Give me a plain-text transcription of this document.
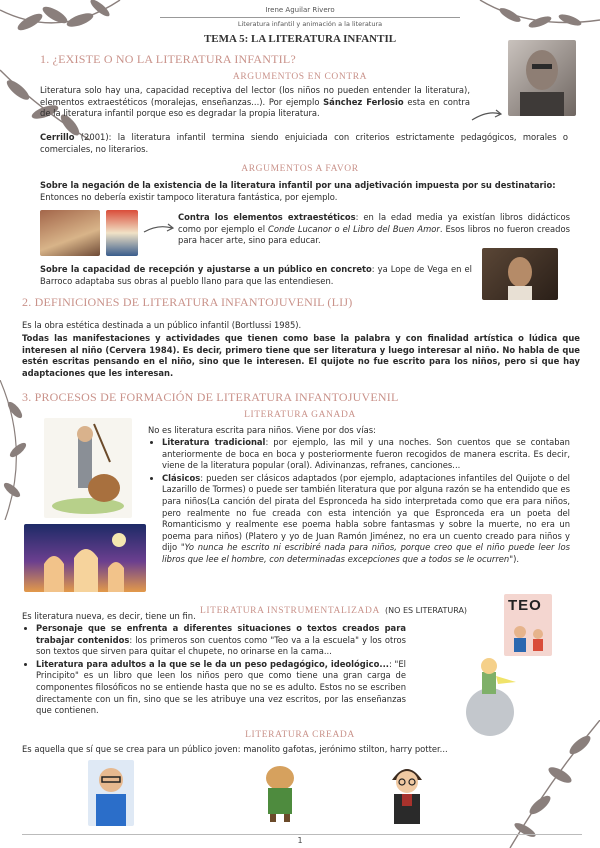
Irene Aguilar Rivero
Literatura infantil y animación a la literatura
TEMA 5: LA LITERATURA INFANTIL
1. ¿EXISTE O NO LA LITERATURA INFANTIL?
ARGUMENTOS EN CONTRA
Literatura solo hay una, capacidad receptiva del lector (los niños no pueden entender la literatura), elementos extraestéticos (moralejas, enseñanzas...). Por ejemplo Sánchez Ferlosio esta en contra de la literatura infantil porque eso es degradar la propia literatura.
Cerrillo (2001): la literatura infantil termina siendo enjuiciada con criterios estrictamente pedagógicos, morales o comerciales, no literarios.
ARGUMENTOS A FAVOR
Sobre la negación de la existencia de la literatura infantil por una adjetivación impuesta por su destinatario:
Entonces no debería existir tampoco literatura fantástica, por ejemplo.
Contra los elementos extraestéticos: en la edad media ya existían libros didácticos como por ejemplo el Conde Lucanor o el Libro del Buen Amor. Esos libros no fueron creados para hacer arte, sino para educar.
Sobre la capacidad de recepción y ajustarse a un público en concreto: ya Lope de Vega en el Barroco adaptaba sus obras al pueblo llano para que las entendiesen.
2. DEFINICIONES DE LITERATURA INFANTOJUVENIL (LIJ)
Es la obra estética destinada a un público infantil (Bortlussi 1985).
Todas las manifestaciones y actividades que tienen como base la palabra y con finalidad artística o lúdica que interesen al niño (Cervera 1984). Es decir, primero tiene que ser literatura y luego interesar al niño. No habla de que estén escritas pensando en el niño, sino que le interesen. El quijote no fue escrito para los niños, pero si que hay adaptaciones que les interesan.
3. PROCESOS DE FORMACIÓN DE LITERATURA INFANTOJUVENIL
LITERATURA GANADA
No es literatura escrita para niños. Viene por dos vías:
• Literatura tradicional: por ejemplo, las mil y una noches. Son cuentos que se contaban anteriormente de boca en boca y posteriormente fueron recogidos de manera escrita. Es decir, viene de la literatura popular (oral). Adivinanzas, refranes, canciones...
• Clásicos: pueden ser clásicos adaptados (por ejemplo, adaptaciones infantiles del Quijote o del Lazarillo de Tormes) o puede ser también literatura que por alguna razón se ha entendido que es para niños(La canción del pirata del Espronceda ha sido interpretada como que era para niños, pero realmente no fue creada con esta intención ya que Espronceda era un poeta del Romanticismo y realmente ese poema habla sobre fantasmas y sobre la muerte, no era un poema para niños) (Platero y yo de Juan Ramón Jiménez, no era un cuento creado para niños y dijo "Yo nunca he escrito ni escribiré nada para niños, porque creo que el niño puede leer los libros que lee el hombre, con determinadas excepciones que a todos se le ocurren").
LITERATURA INSTRUMENTALIZADA (NO ES LITERATURA)	TEO
Es literatura nueva, es decir, tiene un fin.
• Personaje que se enfrenta a diferentes situaciones o textos creados para trabajar contenidos: los primeros son cuentos como "Teo va a la escuela" y los otros son textos que sirven para quitar el chupete, no orinarse en la cama...
• Literatura para adultos a la que se le da un peso pedagógico, ideológico...: "El Principito" es un libro que leen los niños pero que como tiene una gran carga de componentes filosóficos no se entiende hasta que no se es adulto. Estos no se escriben directamente con un fin, sino que se les atribuye una vez escritos, por las enseñanzas que contienen.
LITERATURA CREADA
Es aquella que sí que se crea para un público joven: manolito gafotas, jerónimo stilton, harry potter...
1
